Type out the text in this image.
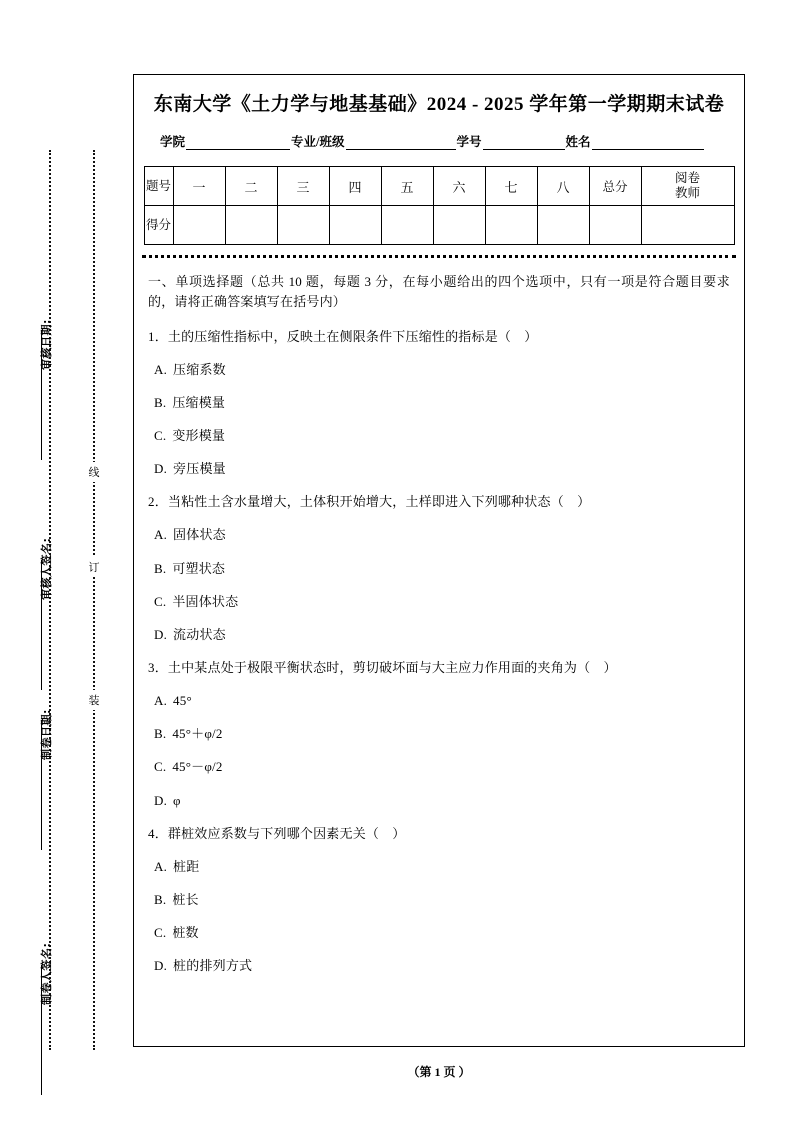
审核日期:
审核人签名:
制卷日期:
制卷人签名:
线
订
装
东南大学《土力学与地基基础》2024 - 2025 学年第一学期期末试卷
学院	专业/班级	学号	姓名
题号	一	二	三	四	五	六	七	八	总分	阅卷
教师

得分										
一、单项选择题（总共 10 题，每题 3 分，在每小题给出的四个选项中，只有一项是符合题目要求的，请将正确答案填写在括号内）
1．土的压缩性指标中，反映土在侧限条件下压缩性的指标是（　）
A. 压缩系数
B. 压缩模量
C. 变形模量
D. 旁压模量
2．当粘性土含水量增大，土体积开始增大，土样即进入下列哪种状态（　）
A. 固体状态
B. 可塑状态
C. 半固体状态
D. 流动状态
3．土中某点处于极限平衡状态时，剪切破坏面与大主应力作用面的夹角为（　）
A. 45°
B. 45°＋φ/2
C. 45°－φ/2
D. φ
4．群桩效应系数与下列哪个因素无关（　）
A. 桩距
B. 桩长
C. 桩数
D. 桩的排列方式
（第 1 页 ）
